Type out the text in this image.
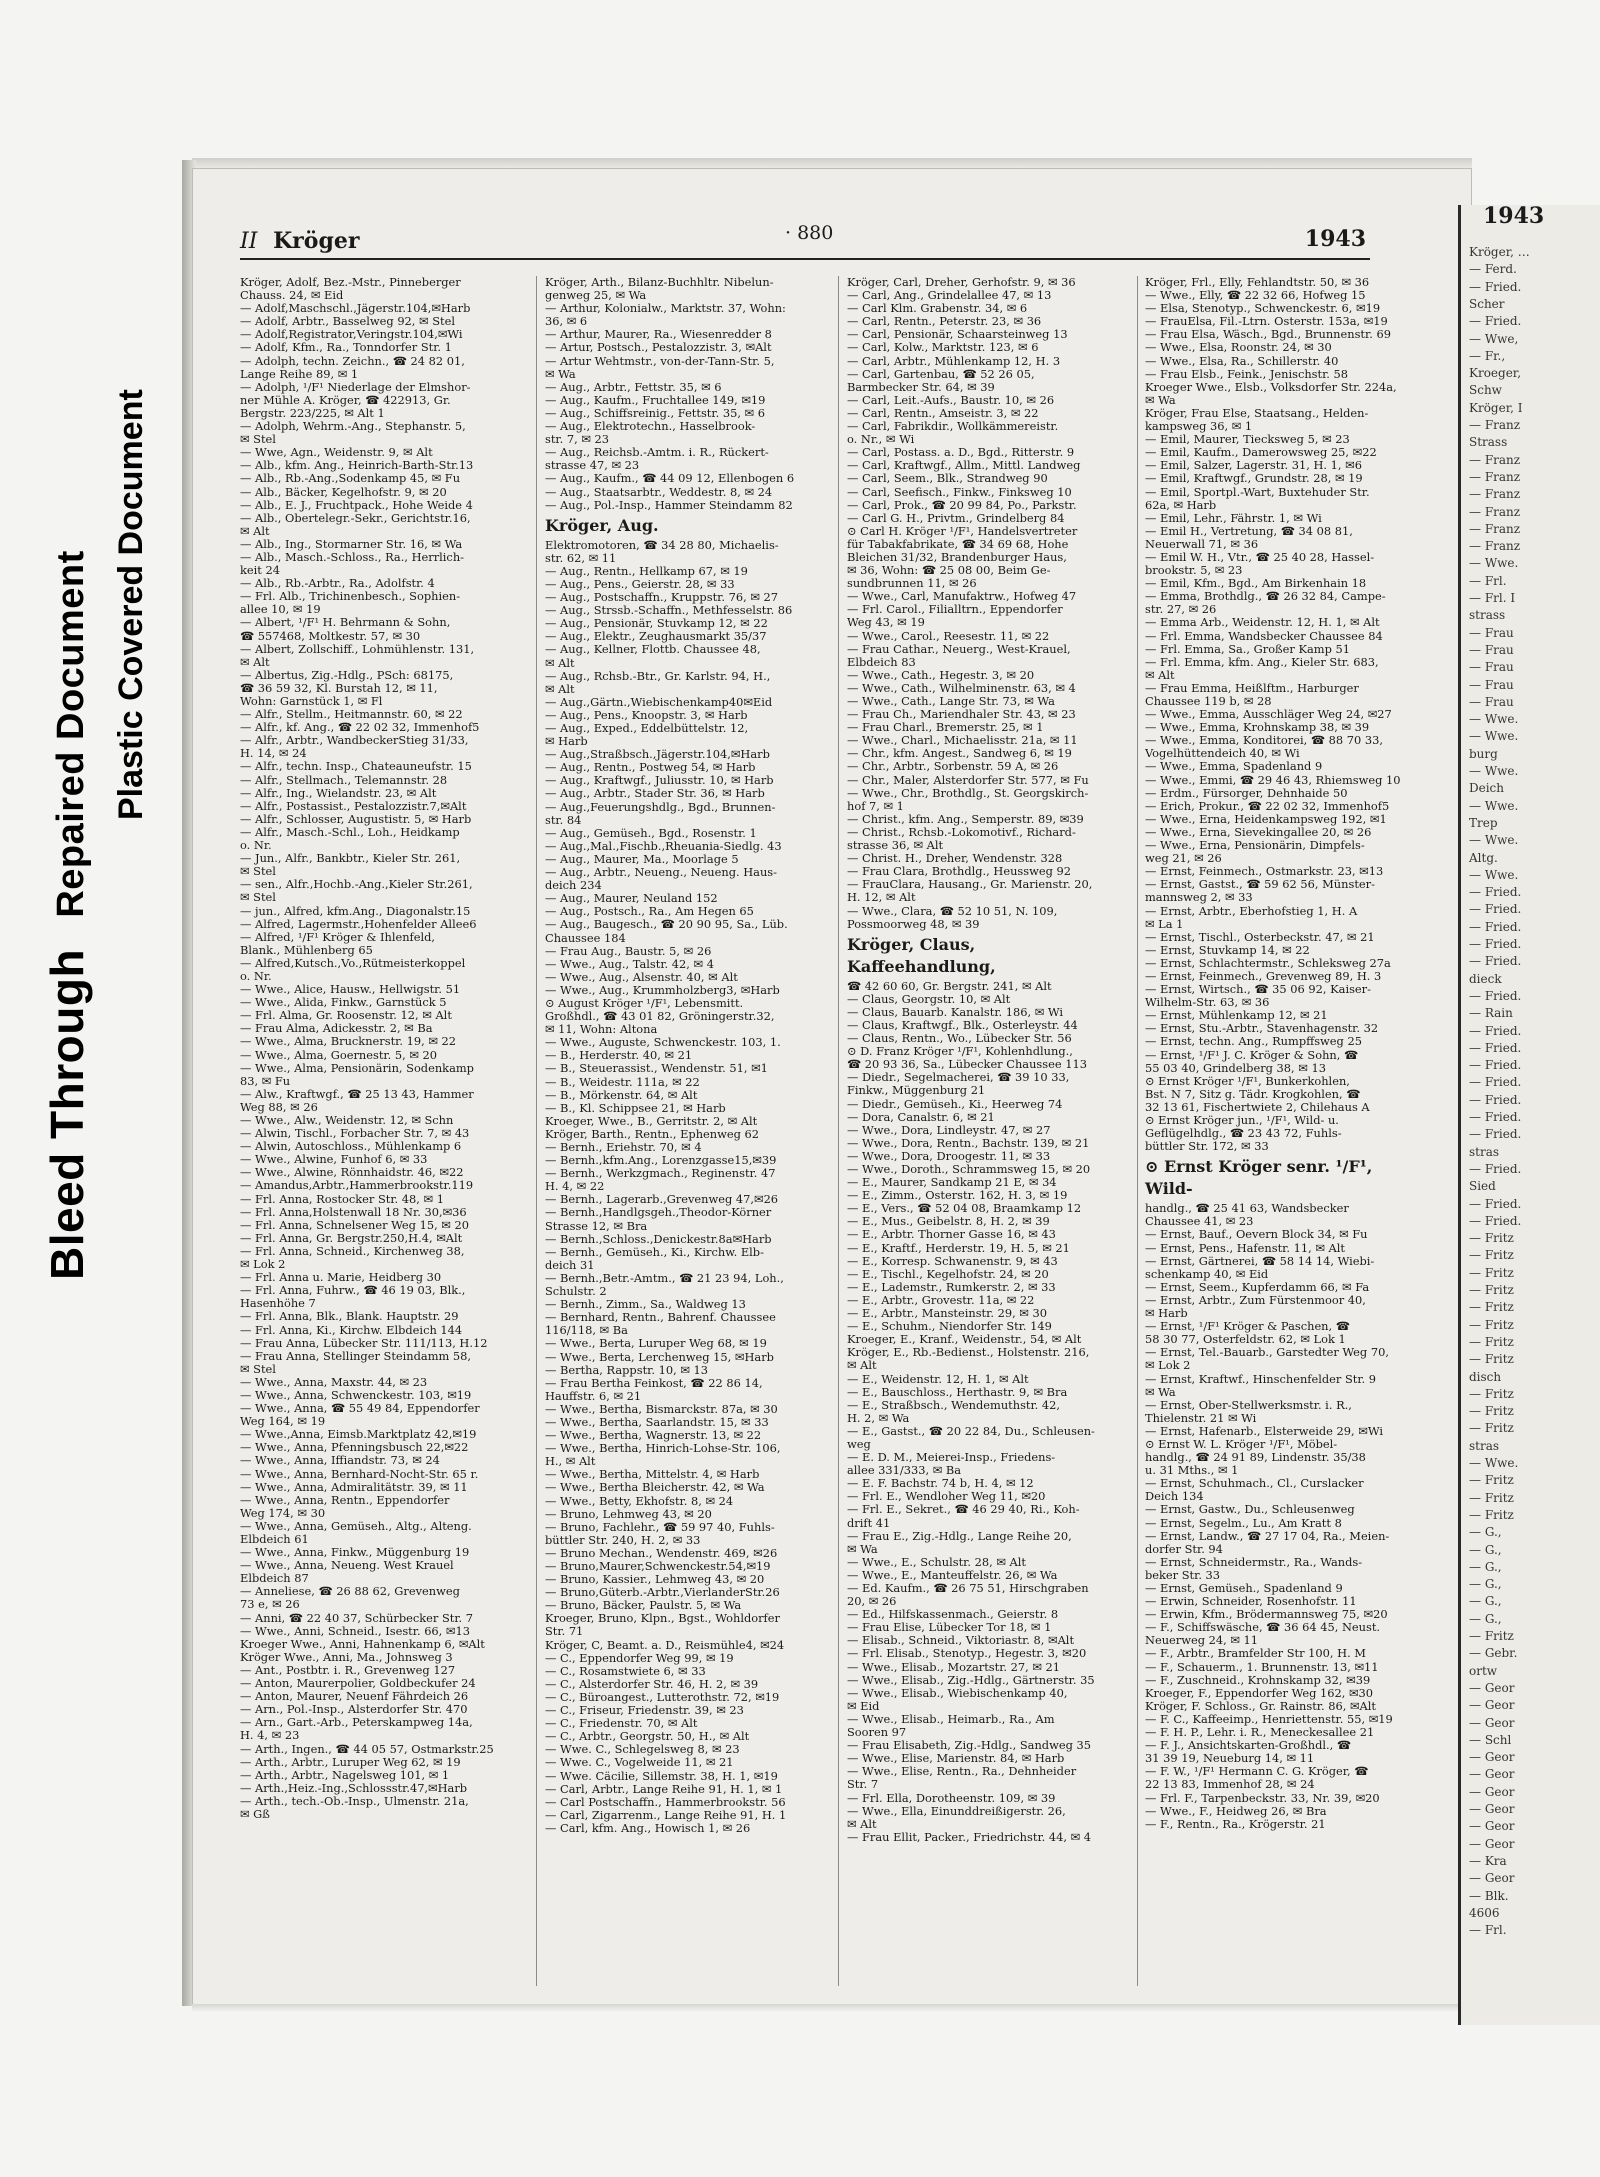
Bleed Through Repaired Document Plastic Covered Document
1943
Kröger, …
— Ferd.
— Fried.
Scher
— Fried.
— Wwe,
— Fr.,
Kroeger,
Schw
Kröger, I
— Franz
Strass
— Franz
— Franz
— Franz
— Franz
— Franz
— Franz
— Wwe.
— Frl.
— Frl. I
strass
— Frau
— Frau
— Frau
— Frau
— Frau
— Wwe.
— Wwe.
burg
— Wwe.
Deich
— Wwe.
Trep
— Wwe.
Altg.
— Wwe.
— Fried.
— Fried.
— Fried.
— Fried.
— Fried.
dieck
— Fried.
— Rain
— Fried.
— Fried.
— Fried.
— Fried.
— Fried.
— Fried.
— Fried.
stras
— Fried.
Sied
— Fried.
— Fried.
— Fritz
— Fritz
— Fritz
— Fritz
— Fritz
— Fritz
— Fritz
— Fritz
disch
— Fritz
— Fritz
— Fritz
stras
— Wwe.
— Fritz
— Fritz
— Fritz
— G.,
— G.,
— G.,
— G.,
— G.,
— G.,
— Fritz
— Gebr.
ortw
— Geor
— Geor
— Geor
— Schl
— Geor
— Geor
— Geor
— Geor
— Geor
— Geor
— Kra
— Geor
— Blk.
4606
— Frl.
II Kröger	· 880	1943
Kröger, Adolf, Bez.-Mstr., Pinneberger
Chauss. 24, ✉ Eid
— Adolf,Maschschl.,Jägerstr.104,✉Harb
— Adolf, Arbtr., Basselweg 92, ✉ Stel
— Adolf,Registrator,Veringstr.104,✉Wi
— Adolf, Kfm., Ra., Tonndorfer Str. 1
— Adolph, techn. Zeichn., ☎ 24 82 01,
Lange Reihe 89, ✉ 1
— Adolph, ¹/F¹ Niederlage der Elmshor-
ner Mühle A. Kröger, ☎ 422913, Gr.
Bergstr. 223/225, ✉ Alt 1
— Adolph, Wehrm.-Ang., Stephanstr. 5,
✉ Stel
— Wwe, Agn., Weidenstr. 9, ✉ Alt
— Alb., kfm. Ang., Heinrich-Barth-Str.13
— Alb., Rb.-Ang.,Sodenkamp 45, ✉ Fu
— Alb., Bäcker, Kegelhofstr. 9, ✉ 20
— Alb., E. J., Fruchtpack., Hohe Weide 4
— Alb., Obertelegr.-Sekr., Gerichtstr.16,
✉ Alt
— Alb., Ing., Stormarner Str. 16, ✉ Wa
— Alb., Masch.-Schloss., Ra., Herrlich-
keit 24
— Alb., Rb.-Arbtr., Ra., Adolfstr. 4
— Frl. Alb., Trichinenbesch., Sophien-
allee 10, ✉ 19
— Albert, ¹/F¹ H. Behrmann & Sohn,
☎ 557468, Moltkestr. 57, ✉ 30
— Albert, Zollschiff., Lohmühlenstr. 131,
✉ Alt
— Albertus, Zig.-Hdlg., PSch: 68175,
☎ 36 59 32, Kl. Burstah 12, ✉ 11,
Wohn: Garnstück 1, ✉ Fl
— Alfr., Stellm., Heitmannstr. 60, ✉ 22
— Alfr., kf. Ang., ☎ 22 02 32, Immenhof5
— Alfr., Arbtr., WandbeckerStieg 31/33,
H. 14, ✉ 24
— Alfr., techn. Insp., Chateauneufstr. 15
— Alfr., Stellmach., Telemannstr. 28
— Alfr., Ing., Wielandstr. 23, ✉ Alt
— Alfr., Postassist., Pestalozzistr.7,✉Alt
— Alfr., Schlosser, Augustistr. 5, ✉ Harb
— Alfr., Masch.-Schl., Loh., Heidkamp
o. Nr.
— Jun., Alfr., Bankbtr., Kieler Str. 261,
✉ Stel
— sen., Alfr.,Hochb.-Ang.,Kieler Str.261,
✉ Stel
— jun., Alfred, kfm.Ang., Diagonalstr.15
— Alfred, Lagermstr.,Hohenfelder Allee6
— Alfred, ¹/F¹ Kröger & Ihlenfeld,
Blank., Mühlenberg 65
— Alfred,Kutsch.,Vo.,Rütmeisterkoppel
o. Nr.
— Wwe., Alice, Hausw., Hellwigstr. 51
— Wwe., Alida, Finkw., Garnstück 5
— Frl. Alma, Gr. Roosenstr. 12, ✉ Alt
— Frau Alma, Adickesstr. 2, ✉ Ba
— Wwe., Alma, Brucknerstr. 19, ✉ 22
— Wwe., Alma, Goernestr. 5, ✉ 20
— Wwe., Alma, Pensionärin, Sodenkamp
83, ✉ Fu
— Alw., Kraftwgf., ☎ 25 13 43, Hammer
Weg 88, ✉ 26
— Wwe., Alw., Weidenstr. 12, ✉ Schn
— Alwin, Tischl., Forbacher Str. 7, ✉ 43
— Alwin, Autoschloss., Mühlenkamp 6
— Wwe., Alwine, Funhof 6, ✉ 33
— Wwe., Alwine, Rönnhaidstr. 46, ✉22
— Amandus,Arbtr.,Hammerbrookstr.119
— Frl. Anna, Rostocker Str. 48, ✉ 1
— Frl. Anna,Holstenwall 18 Nr. 30,✉36
— Frl. Anna, Schnelsener Weg 15, ✉ 20
— Frl. Anna, Gr. Bergstr.250,H.4, ✉Alt
— Frl. Anna, Schneid., Kirchenweg 38,
✉ Lok 2
— Frl. Anna u. Marie, Heidberg 30
— Frl. Anna, Fuhrw., ☎ 46 19 03, Blk.,
Hasenhöhe 7
— Frl. Anna, Blk., Blank. Hauptstr. 29
— Frl. Anna, Ki., Kirchw. Elbdeich 144
— Frau Anna, Lübecker Str. 111/113, H.12
— Frau Anna, Stellinger Steindamm 58,
✉ Stel
— Wwe., Anna, Maxstr. 44, ✉ 23
— Wwe., Anna, Schwenckestr. 103, ✉19
— Wwe., Anna, ☎ 55 49 84, Eppendorfer
Weg 164, ✉ 19
— Wwe.,Anna, Eimsb.Marktplatz 42,✉19
— Wwe., Anna, Pfenningsbusch 22,✉22
— Wwe., Anna, Iffiandstr. 73, ✉ 24
— Wwe., Anna, Bernhard-Nocht-Str. 65 r.
— Wwe., Anna, Admiralitätstr. 39, ✉ 11
— Wwe., Anna, Rentn., Eppendorfer
Weg 174, ✉ 30
— Wwe., Anna, Gemüseh., Altg., Alteng.
Elbdeich 61
— Wwe., Anna, Finkw., Müggenburg 19
— Wwe., Anna, Neueng. West Krauel
Elbdeich 87
— Anneliese, ☎ 26 88 62, Grevenweg
73 e, ✉ 26
— Anni, ☎ 22 40 37, Schürbecker Str. 7
— Wwe., Anni, Schneid., Isestr. 66, ✉13
Kroeger Wwe., Anni, Hahnenkamp 6, ✉Alt
Kröger Wwe., Anni, Ma., Johnsweg 3
— Ant., Postbtr. i. R., Grevenweg 127
— Anton, Maurerpolier, Goldbeckufer 24
— Anton, Maurer, Neuenf Fährdeich 26
— Arn., Pol.-Insp., Alsterdorfer Str. 470
— Arn., Gart.-Arb., Peterskampweg 14a,
H. 4, ✉ 23
— Arth., Ingen., ☎ 44 05 57, Ostmarkstr.25
— Arth., Arbtr., Luruper Weg 62, ✉ 19
— Arth., Arbtr., Nagelsweg 101, ✉ 1
— Arth.,Heiz.-Ing.,Schlossstr.47,✉Harb
— Arth., tech.-Ob.-Insp., Ulmenstr. 21a,
✉ Gß
Kröger, Arth., Bilanz-Buchhltr. Nibelun-
genweg 25, ✉ Wa
— Arthur, Kolonialw., Marktstr. 37, Wohn:
36, ✉ 6
— Arthur, Maurer, Ra., Wiesenredder 8
— Artur, Postsch., Pestalozzistr. 3, ✉Alt
— Artur Wehtmstr., von-der-Tann-Str. 5,
✉ Wa
— Aug., Arbtr., Fettstr. 35, ✉ 6
— Aug., Kaufm., Fruchtallee 149, ✉19
— Aug., Schiffsreinig., Fettstr. 35, ✉ 6
— Aug., Elektrotechn., Hasselbrook-
str. 7, ✉ 23
— Aug., Reichsb.-Amtm. i. R., Rückert-
strasse 47, ✉ 23
— Aug., Kaufm., ☎ 44 09 12, Ellenbogen 6
— Aug., Staatsarbtr., Weddestr. 8, ✉ 24
— Aug., Pol.-Insp., Hammer Steindamm 82
Kröger, Aug.
Elektromotoren, ☎ 34 28 80, Michaelis-
str. 62, ✉ 11
— Aug., Rentn., Hellkamp 67, ✉ 19
— Aug., Pens., Geierstr. 28, ✉ 33
— Aug., Postschaffn., Kruppstr. 76, ✉ 27
— Aug., Strssb.-Schaffn., Methfesselstr. 86
— Aug., Pensionär, Stuvkamp 12, ✉ 22
— Aug., Elektr., Zeughausmarkt 35/37
— Aug., Kellner, Flottb. Chaussee 48,
✉ Alt
— Aug., Rchsb.-Btr., Gr. Karlstr. 94, H.,
✉ Alt
— Aug.,Gärtn.,Wiebischenkamp40✉Eid
— Aug., Pens., Knoopstr. 3, ✉ Harb
— Aug., Exped., Eddelbüttelstr. 12,
✉ Harb
— Aug.,Straßbsch.,Jägerstr.104,✉Harb
— Aug., Rentn., Postweg 54, ✉ Harb
— Aug., Kraftwgf., Juliusstr. 10, ✉ Harb
— Aug., Arbtr., Stader Str. 36, ✉ Harb
— Aug.,Feuerungshdlg., Bgd., Brunnen-
str. 84
— Aug., Gemüseh., Bgd., Rosenstr. 1
— Aug.,Mal.,Fischb.,Rheuania-Siedlg. 43
— Aug., Maurer, Ma., Moorlage 5
— Aug., Arbtr., Neueng., Neueng. Haus-
deich 234
— Aug., Maurer, Neuland 152
— Aug., Postsch., Ra., Am Hegen 65
— Aug., Baugesch., ☎ 20 90 95, Sa., Lüb.
Chaussee 184
— Frau Aug., Baustr. 5, ✉ 26
— Wwe., Aug., Talstr. 42, ✉ 4
— Wwe., Aug., Alsenstr. 40, ✉ Alt
— Wwe., Aug., Krummholzberg3, ✉Harb
⊙ August Kröger ¹/F¹, Lebensmitt.
Großhdl., ☎ 43 01 82, Gröningerstr.32,
✉ 11, Wohn: Altona
— Wwe., Auguste, Schwenckestr. 103, 1.
— B., Herderstr. 40, ✉ 21
— B., Steuerassist., Wendenstr. 51, ✉1
— B., Weidestr. 111a, ✉ 22
— B., Mörkenstr. 64, ✉ Alt
— B., Kl. Schippsee 21, ✉ Harb
Kroeger, Wwe., B., Gerritstr. 2, ✉ Alt
Kröger, Barth., Rentn., Ephenweg 62
— Bernh., Eriehstr. 70, ✉ 4
— Bernh.,kfm.Ang., Lorenzgasse15,✉39
— Bernh., Werkzgmach., Reginenstr. 47
H. 4, ✉ 22
— Bernh., Lagerarb.,Grevenweg 47,✉26
— Bernh.,Handlgsgeh.,Theodor-Körner
Strasse 12, ✉ Bra
— Bernh.,Schloss.,Denickestr.8a✉Harb
— Bernh., Gemüseh., Ki., Kirchw. Elb-
deich 31
— Bernh.,Betr.-Amtm., ☎ 21 23 94, Loh.,
Schulstr. 2
— Bernh., Zimm., Sa., Waldweg 13
— Bernhard, Rentn., Bahrenf. Chaussee
116/118, ✉ Ba
— Wwe., Berta, Luruper Weg 68, ✉ 19
— Wwe., Berta, Lerchenweg 15, ✉Harb
— Bertha, Rappstr. 10, ✉ 13
— Frau Bertha Feinkost, ☎ 22 86 14,
Hauffstr. 6, ✉ 21
— Wwe., Bertha, Bismarckstr. 87a, ✉ 30
— Wwe., Bertha, Saarlandstr. 15, ✉ 33
— Wwe., Bertha, Wagnerstr. 13, ✉ 22
— Wwe., Bertha, Hinrich-Lohse-Str. 106,
H., ✉ Alt
— Wwe., Bertha, Mittelstr. 4, ✉ Harb
— Wwe., Bertha Bleicherstr. 42, ✉ Wa
— Wwe., Betty, Ekhofstr. 8, ✉ 24
— Bruno, Lehmweg 43, ✉ 20
— Bruno, Fachlehr., ☎ 59 97 40, Fuhls-
büttler Str. 240, H. 2, ✉ 33
— Bruno Mechan., Wendenstr. 469, ✉26
— Bruno,Maurer,Schwenckestr.54,✉19
— Bruno, Kassier., Lehmweg 43, ✉ 20
— Bruno,Güterb.-Arbtr.,VierlanderStr.26
— Bruno, Bäcker, Paulstr. 5, ✉ Wa
Kroeger, Bruno, Klpn., Bgst., Wohldorfer
Str. 71
Kröger, C, Beamt. a. D., Reismühle4, ✉24
— C., Eppendorfer Weg 99, ✉ 19
— C., Rosamstwiete 6, ✉ 33
— C., Alsterdorfer Str. 46, H. 2, ✉ 39
— C., Büroangest., Lutterothstr. 72, ✉19
— C., Friseur, Friedenstr. 39, ✉ 23
— C., Friedenstr. 70, ✉ Alt
— C., Arbtr., Georgstr. 50, H., ✉ Alt
— Wwe. C., Schlegelsweg 8, ✉ 23
— Wwe. C., Vogelweide 11, ✉ 21
— Wwe. Cäcilie, Sillemstr. 38, H. 1, ✉19
— Carl, Arbtr., Lange Reihe 91, H. 1, ✉ 1
— Carl Postschaffn., Hammerbrookstr. 56
— Carl, Zigarrenm., Lange Reihe 91, H. 1
— Carl, kfm. Ang., Howisch 1, ✉ 26
Kröger, Carl, Dreher, Gerhofstr. 9, ✉ 36
— Carl, Ang., Grindelallee 47, ✉ 13
— Carl Klm. Grabenstr. 34, ✉ 6
— Carl, Rentn., Peterstr. 23, ✉ 36
— Carl, Pensionär, Schaarsteinweg 13
— Carl, Kolw., Marktstr. 123, ✉ 6
— Carl, Arbtr., Mühlenkamp 12, H. 3
— Carl, Gartenbau, ☎ 52 26 05,
Barmbecker Str. 64, ✉ 39
— Carl, Leit.-Aufs., Baustr. 10, ✉ 26
— Carl, Rentn., Amseistr. 3, ✉ 22
— Carl, Fabrikdir., Wollkämmereistr.
o. Nr., ✉ Wi
— Carl, Postass. a. D., Bgd., Ritterstr. 9
— Carl, Kraftwgf., Allm., Mittl. Landweg
— Carl, Seem., Blk., Strandweg 90
— Carl, Seefisch., Finkw., Finksweg 10
— Carl, Prok., ☎ 20 99 84, Po., Parkstr.
— Carl G. H., Privtm., Grindelberg 84
⊙ Carl H. Kröger ¹/F¹, Handelsvertreter
für Tabakfabrikate, ☎ 34 69 68, Hohe
Bleichen 31/32, Brandenburger Haus,
✉ 36, Wohn: ☎ 25 08 00, Beim Ge-
sundbrunnen 11, ✉ 26
— Wwe., Carl, Manufaktrw., Hofweg 47
— Frl. Carol., Filialltrn., Eppendorfer
Weg 43, ✉ 19
— Wwe., Carol., Reesestr. 11, ✉ 22
— Frau Cathar., Neuerg., West-Krauel,
Elbdeich 83
— Wwe., Cath., Hegestr. 3, ✉ 20
— Wwe., Cath., Wilhelminenstr. 63, ✉ 4
— Wwe., Cath., Lange Str. 73, ✉ Wa
— Frau Ch., Mariendhaler Str. 43, ✉ 23
— Frau Charl., Bremerstr. 25, ✉ 1
— Wwe., Charl., Michaelisstr. 21a, ✉ 11
— Chr., kfm. Angest., Sandweg 6, ✉ 19
— Chr., Arbtr., Sorbenstr. 59 A, ✉ 26
— Chr., Maler, Alsterdorfer Str. 577, ✉ Fu
— Wwe., Chr., Brothdlg., St. Georgskirch-
hof 7, ✉ 1
— Christ., kfm. Ang., Semperstr. 89, ✉39
— Christ., Rchsb.-Lokomotivf., Richard-
strasse 36, ✉ Alt
— Christ. H., Dreher, Wendenstr. 328
— Frau Clara, Brothdlg., Heussweg 92
— FrauClara, Hausang., Gr. Marienstr. 20,
H. 12, ✉ Alt
— Wwe., Clara, ☎ 52 10 51, N. 109,
Possmoorweg 48, ✉ 39
Kröger, Claus, Kaffeehandlung,
☎ 42 60 60, Gr. Bergstr. 241, ✉ Alt
— Claus, Georgstr. 10, ✉ Alt
— Claus, Bauarb. Kanalstr. 186, ✉ Wi
— Claus, Kraftwgf., Blk., Osterleystr. 44
— Claus, Rentn., Wo., Lübecker Str. 56
⊙ D. Franz Kröger ¹/F¹, Kohlenhdlung.,
☎ 20 93 36, Sa., Lübecker Chaussee 113
— Diedr., Segelmacherei, ☎ 39 10 33,
Finkw., Müggenburg 21
— Diedr., Gemüseh., Ki., Heerweg 74
— Dora, Canalstr. 6, ✉ 21
— Wwe., Dora, Lindleystr. 47, ✉ 27
— Wwe., Dora, Rentn., Bachstr. 139, ✉ 21
— Wwe., Dora, Droogestr. 11, ✉ 33
— Wwe., Doroth., Schrammsweg 15, ✉ 20
— E., Maurer, Sandkamp 21 E, ✉ 34
— E., Zimm., Osterstr. 162, H. 3, ✉ 19
— E., Vers., ☎ 52 04 08, Braamkamp 12
— E., Mus., Geibelstr. 8, H. 2, ✉ 39
— E., Arbtr. Thorner Gasse 16, ✉ 43
— E., Kraftf., Herderstr. 19, H. 5, ✉ 21
— E., Korresp. Schwanenstr. 9, ✉ 43
— E., Tischl., Kegelhofstr. 24, ✉ 20
— E., Lademstr., Rumkerstr. 2, ✉ 33
— E., Arbtr., Grovestr. 11a, ✉ 22
— E., Arbtr., Mansteinstr. 29, ✉ 30
— E., Schuhm., Niendorfer Str. 149
Kroeger, E., Kranf., Weidenstr., 54, ✉ Alt
Kröger, E., Rb.-Bedienst., Holstenstr. 216,
✉ Alt
— E., Weidenstr. 12, H. 1, ✉ Alt
— E., Bauschloss., Herthastr. 9, ✉ Bra
— E., Straßbsch., Wendemuthstr. 42,
H. 2, ✉ Wa
— E., Gastst., ☎ 20 22 84, Du., Schleusen-
weg
— E. D. M., Meierei-Insp., Friedens-
allee 331/333, ✉ Ba
— E. F. Bachstr. 74 b, H. 4, ✉ 12
— Frl. E., Wendloher Weg 11, ✉20
— Frl. E., Sekret., ☎ 46 29 40, Ri., Koh-
drift 41
— Frau E., Zig.-Hdlg., Lange Reihe 20,
✉ Wa
— Wwe., E., Schulstr. 28, ✉ Alt
— Wwe., E., Manteuffelstr. 26, ✉ Wa
— Ed. Kaufm., ☎ 26 75 51, Hirschgraben
20, ✉ 26
— Ed., Hilfskassenmach., Geierstr. 8
— Frau Elise, Lübecker Tor 18, ✉ 1
— Elisab., Schneid., Viktoriastr. 8, ✉Alt
— Frl. Elisab., Stenotyp., Hegestr. 3, ✉20
— Wwe., Elisab., Mozartstr. 27, ✉ 21
— Wwe., Elisab., Zig.-Hdlg., Gärtnerstr. 35
— Wwe., Elisab., Wiebischenkamp 40,
✉ Eid
— Wwe., Elisab., Heimarb., Ra., Am
Sooren 97
— Frau Elisabeth, Zig.-Hdlg., Sandweg 35
— Wwe., Elise, Marienstr. 84, ✉ Harb
— Wwe., Elise, Rentn., Ra., Dehnheider
Str. 7
— Frl. Ella, Dorotheenstr. 109, ✉ 39
— Wwe., Ella, Einunddreißigerstr. 26,
✉ Alt
— Frau Ellit, Packer., Friedrichstr. 44, ✉ 4
Kröger, Frl., Elly, Fehlandtstr. 50, ✉ 36
— Wwe., Elly, ☎ 22 32 66, Hofweg 15
— Elsa, Stenotyp., Schwenckestr. 6, ✉19
— FrauElsa, Fil.-Ltrn. Osterstr. 153a, ✉19
— Frau Elsa, Wäsch., Bgd., Brunnenstr. 69
— Wwe., Elsa, Roonstr. 24, ✉ 30
— Wwe., Elsa, Ra., Schillerstr. 40
— Frau Elsb., Feink., Jenischstr. 58
Kroeger Wwe., Elsb., Volksdorfer Str. 224a,
✉ Wa
Kröger, Frau Else, Staatsang., Helden-
kampsweg 36, ✉ 1
— Emil, Maurer, Tiecksweg 5, ✉ 23
— Emil, Kaufm., Damerowsweg 25, ✉22
— Emil, Salzer, Lagerstr. 31, H. 1, ✉6
— Emil, Kraftwgf., Grundstr. 28, ✉ 19
— Emil, Sportpl.-Wart, Buxtehuder Str.
62a, ✉ Harb
— Emil, Lehr., Fährstr. 1, ✉ Wi
— Emil H., Vertretung, ☎ 34 08 81,
Neuerwall 71, ✉ 36
— Emil W. H., Vtr., ☎ 25 40 28, Hassel-
brookstr. 5, ✉ 23
— Emil, Kfm., Bgd., Am Birkenhain 18
— Emma, Brothdlg., ☎ 26 32 84, Campe-
str. 27, ✉ 26
— Emma Arb., Weidenstr. 12, H. 1, ✉ Alt
— Frl. Emma, Wandsbecker Chaussee 84
— Frl. Emma, Sa., Großer Kamp 51
— Frl. Emma, kfm. Ang., Kieler Str. 683,
✉ Alt
— Frau Emma, Heißlftm., Harburger
Chaussee 119 b, ✉ 28
— Wwe., Emma, Ausschläger Weg 24, ✉27
— Wwe., Emma, Krohnskamp 38, ✉ 39
— Wwe., Emma, Konditorei, ☎ 88 70 33,
Vogelhüttendeich 40, ✉ Wi
— Wwe., Emma, Spadenland 9
— Wwe., Emmi, ☎ 29 46 43, Rhiemsweg 10
— Erdm., Fürsorger, Dehnhaide 50
— Erich, Prokur., ☎ 22 02 32, Immenhof5
— Wwe., Erna, Heidenkampsweg 192, ✉1
— Wwe., Erna, Sievekingallee 20, ✉ 26
— Wwe., Erna, Pensionärin, Dimpfels-
weg 21, ✉ 26
— Ernst, Feinmech., Ostmarkstr. 23, ✉13
— Ernst, Gastst., ☎ 59 62 56, Münster-
mannsweg 2, ✉ 33
— Ernst, Arbtr., Eberhofstieg 1, H. A
✉ La 1
— Ernst, Tischl., Osterbeckstr. 47, ✉ 21
— Ernst, Stuvkamp 14, ✉ 22
— Ernst, Schlachtermstr., Schleksweg 27a
— Ernst, Feinmech., Grevenweg 89, H. 3
— Ernst, Wirtsch., ☎ 35 06 92, Kaiser-
Wilhelm-Str. 63, ✉ 36
— Ernst, Mühlenkamp 12, ✉ 21
— Ernst, Stu.-Arbtr., Stavenhagenstr. 32
— Ernst, techn. Ang., Rumpffsweg 25
— Ernst, ¹/F¹ J. C. Kröger & Sohn, ☎
55 03 40, Grindelberg 38, ✉ 13
⊙ Ernst Kröger ¹/F¹, Bunkerkohlen,
Bst. N 7, Sitz g. Tädr. Krogkohlen, ☎
32 13 61, Fischertwiete 2, Chilehaus A
⊙ Ernst Kröger jun., ¹/F¹, Wild- u.
Geflügelhdlg., ☎ 23 43 72, Fuhls-
büttler Str. 172, ✉ 33
⊙ Ernst Kröger senr. ¹/F¹, Wild-
handlg., ☎ 25 41 63, Wandsbecker
Chaussee 41, ✉ 23
— Ernst, Bauf., Oevern Block 34, ✉ Fu
— Ernst, Pens., Hafenstr. 11, ✉ Alt
— Ernst, Gärtnerei, ☎ 58 14 14, Wiebi-
schenkamp 40, ✉ Eid
— Ernst, Seem., Kupferdamm 66, ✉ Fa
— Ernst, Arbtr., Zum Fürstenmoor 40,
✉ Harb
— Ernst, ¹/F¹ Kröger & Paschen, ☎
58 30 77, Osterfeldstr. 62, ✉ Lok 1
— Ernst, Tel.-Bauarb., Garstedter Weg 70,
✉ Lok 2
— Ernst, Kraftwf., Hinschenfelder Str. 9
✉ Wa
— Ernst, Ober-Stellwerksmstr. i. R.,
Thielenstr. 21 ✉ Wi
— Ernst, Hafenarb., Elsterweide 29, ✉Wi
⊙ Ernst W. L. Kröger ¹/F¹, Möbel-
handlg., ☎ 24 91 89, Lindenstr. 35/38
u. 31 Mths., ✉ 1
— Ernst, Schuhmach., Cl., Curslacker
Deich 134
— Ernst, Gastw., Du., Schleusenweg
— Ernst, Segelm., Lu., Am Kratt 8
— Ernst, Landw., ☎ 27 17 04, Ra., Meien-
dorfer Str. 94
— Ernst, Schneidermstr., Ra., Wands-
beker Str. 33
— Ernst, Gemüseh., Spadenland 9
— Erwin, Schneider, Rosenhofstr. 11
— Erwin, Kfm., Brödermannsweg 75, ✉20
— F., Schiffswäsche, ☎ 36 64 45, Neust.
Neuerweg 24, ✉ 11
— F., Arbtr., Bramfelder Str 100, H. M
— F., Schauerm., 1. Brunnenstr. 13, ✉11
— F., Zuschneid., Krohnskamp 32, ✉39
Kroeger, F., Eppendorfer Weg 162, ✉30
Kröger, F. Schloss., Gr. Rainstr. 86, ✉Alt
— F. C., Kaffeeimp., Henriettenstr. 55, ✉19
— F. H. P., Lehr. i. R., Meneckesallee 21
— F. J., Ansichtskarten-Großhdl., ☎
31 39 19, Neueburg 14, ✉ 11
— F. W., ¹/F¹ Hermann C. G. Kröger, ☎
22 13 83, Immenhof 28, ✉ 24
— Frl. F., Tarpenbeckstr. 33, Nr. 39, ✉20
— Wwe., F., Heidweg 26, ✉ Bra
— F., Rentn., Ra., Krögerstr. 21
